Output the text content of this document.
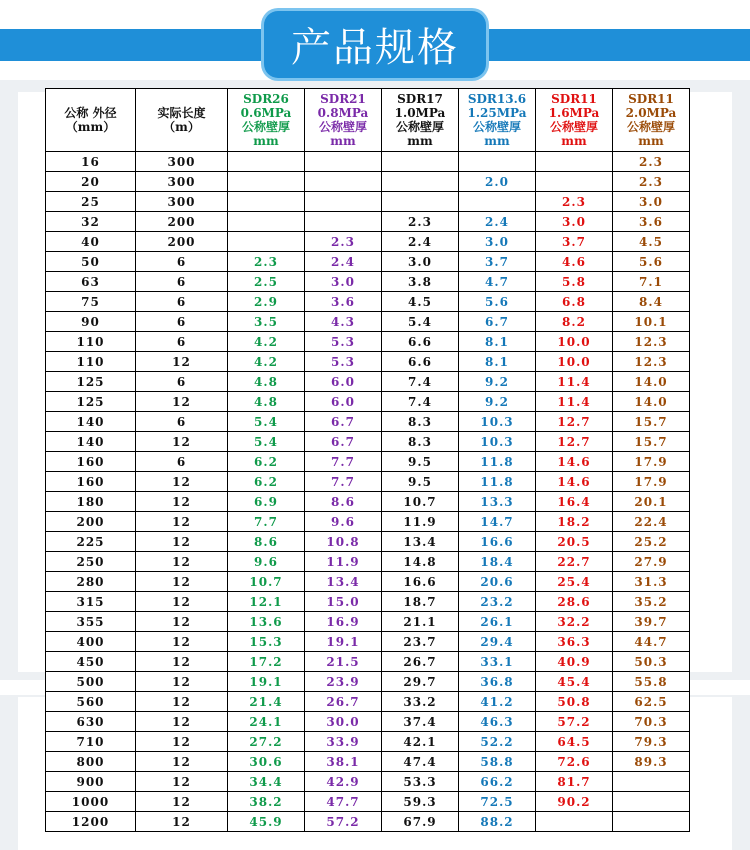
产品规格
公称 外径
（mm）	实际长度
（m）	SDR26
0.6MPa
公称壁厚
mm	SDR21
0.8MPa
公称壁厚
mm	SDR17
1.0MPa
公称壁厚
mm	SDR13.6
1.25MPa
公称壁厚
mm	SDR11
1.6MPa
公称壁厚
mm	SDR11
2.0MPa
公称壁厚
mm

16	300						2.3
20	300				2.0		2.3
25	300					2.3	3.0
32	200			2.3	2.4	3.0	3.6
40	200		2.3	2.4	3.0	3.7	4.5
50	6	2.3	2.4	3.0	3.7	4.6	5.6
63	6	2.5	3.0	3.8	4.7	5.8	7.1
75	6	2.9	3.6	4.5	5.6	6.8	8.4
90	6	3.5	4.3	5.4	6.7	8.2	10.1
110	6	4.2	5.3	6.6	8.1	10.0	12.3
110	12	4.2	5.3	6.6	8.1	10.0	12.3
125	6	4.8	6.0	7.4	9.2	11.4	14.0
125	12	4.8	6.0	7.4	9.2	11.4	14.0
140	6	5.4	6.7	8.3	10.3	12.7	15.7
140	12	5.4	6.7	8.3	10.3	12.7	15.7
160	6	6.2	7.7	9.5	11.8	14.6	17.9
160	12	6.2	7.7	9.5	11.8	14.6	17.9
180	12	6.9	8.6	10.7	13.3	16.4	20.1
200	12	7.7	9.6	11.9	14.7	18.2	22.4
225	12	8.6	10.8	13.4	16.6	20.5	25.2
250	12	9.6	11.9	14.8	18.4	22.7	27.9
280	12	10.7	13.4	16.6	20.6	25.4	31.3
315	12	12.1	15.0	18.7	23.2	28.6	35.2
355	12	13.6	16.9	21.1	26.1	32.2	39.7
400	12	15.3	19.1	23.7	29.4	36.3	44.7
450	12	17.2	21.5	26.7	33.1	40.9	50.3
500	12	19.1	23.9	29.7	36.8	45.4	55.8
560	12	21.4	26.7	33.2	41.2	50.8	62.5
630	12	24.1	30.0	37.4	46.3	57.2	70.3
710	12	27.2	33.9	42.1	52.2	64.5	79.3
800	12	30.6	38.1	47.4	58.8	72.6	89.3
900	12	34.4	42.9	53.3	66.2	81.7	
1000	12	38.2	47.7	59.3	72.5	90.2	
1200	12	45.9	57.2	67.9	88.2		
